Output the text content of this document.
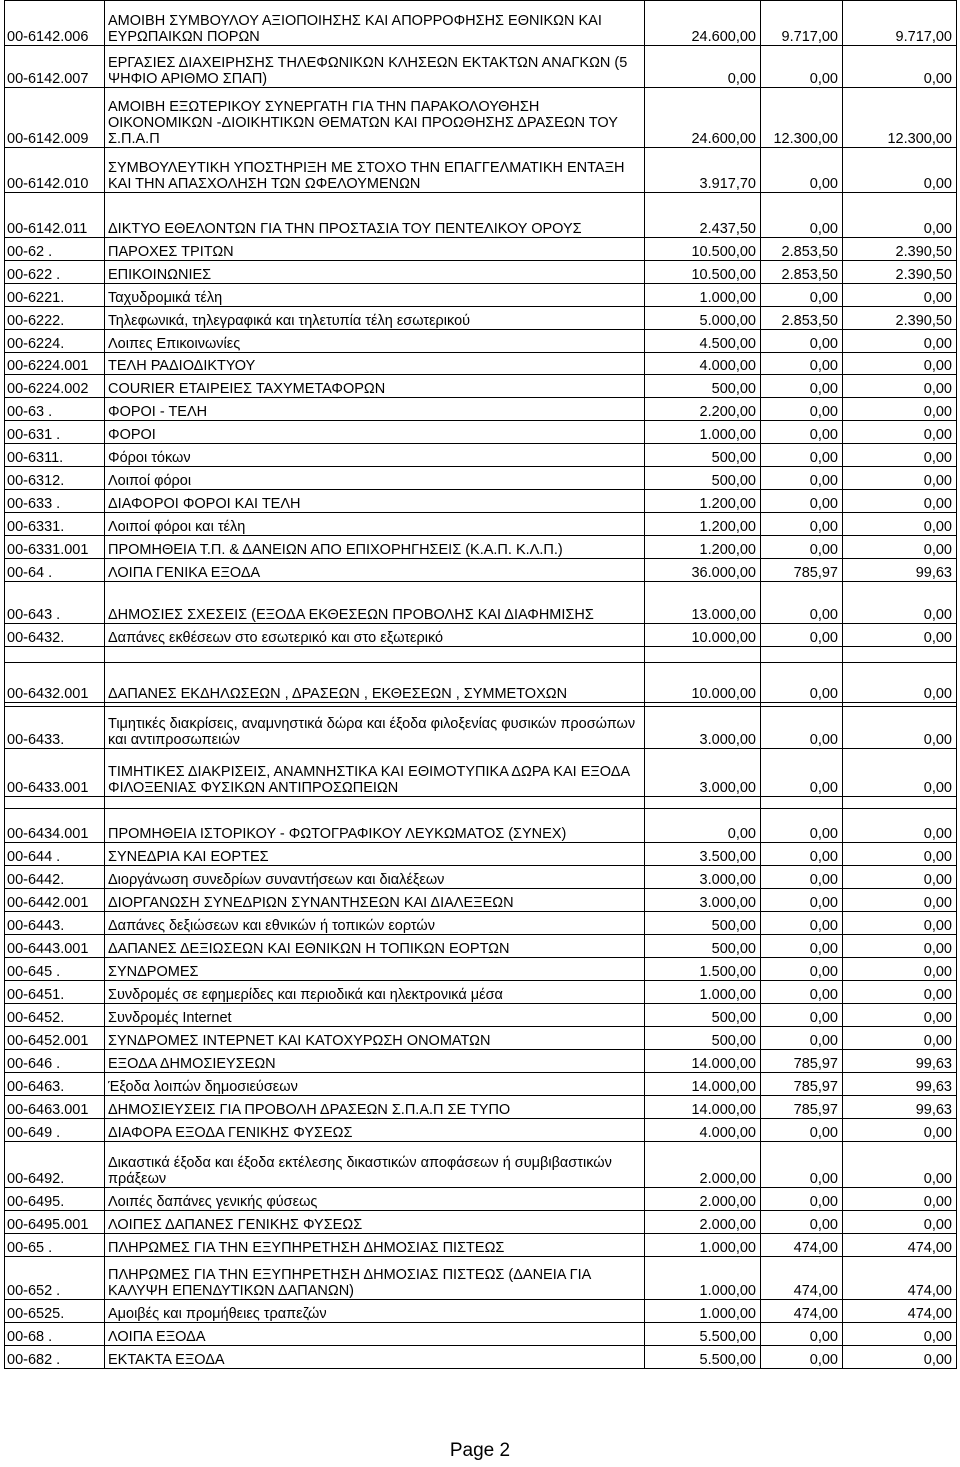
00-6142.006	ΑΜΟΙΒΗ ΣΥΜΒΟΥΛΟΥ ΑΞΙΟΠΟΙΗΣΗΣ ΚΑΙ ΑΠΟΡΡΟΦΗΣΗΣ ΕΘΝΙΚΩΝ ΚΑΙ ΕΥΡΩΠΑΙΚΩΝ ΠΟΡΩΝ	24.600,00	9.717,00	9.717,00
00-6142.007	ΕΡΓΑΣΙΕΣ ΔΙΑΧΕΙΡΗΣΗΣ ΤΗΛΕΦΩΝΙΚΩΝ ΚΛΗΣΕΩΝ ΕΚΤΑΚΤΩΝ ΑΝΑΓΚΩΝ (5 ΨΗΦΙΟ ΑΡΙΘΜΟ ΣΠΑΠ)	0,00	0,00	0,00
00-6142.009	ΑΜΟΙΒΗ ΕΞΩΤΕΡΙΚΟΥ ΣΥΝΕΡΓΑΤΗ ΓΙΑ ΤΗΝ ΠΑΡΑΚΟΛΟΥΘΗΣΗ ΟΙΚΟΝΟΜΙΚΩΝ -ΔΙΟΙΚΗΤΙΚΩΝ ΘΕΜΑΤΩΝ ΚΑΙ ΠΡΟΩΘΗΣΗΣ ΔΡΑΣΕΩΝ ΤΟΥ Σ.Π.Α.Π	24.600,00	12.300,00	12.300,00
00-6142.010	ΣΥΜΒΟΥΛΕΥΤΙΚΗ ΥΠΟΣΤΗΡΙΞΗ ΜΕ ΣΤΟΧΟ ΤΗΝ ΕΠΑΓΓΕΛΜΑΤΙΚΗ ΕΝΤΑΞΗ ΚΑΙ ΤΗΝ ΑΠΑΣΧΟΛΗΣΗ ΤΩΝ ΩΦΕΛΟΥΜΕΝΩΝ	3.917,70	0,00	0,00
00-6142.011	ΔΙΚΤΥΟ ΕΘΕΛΟΝΤΩΝ ΓΙΑ ΤΗΝ ΠΡΟΣΤΑΣΙΑ ΤΟΥ ΠΕΝΤΕΛΙΚΟΥ ΟΡΟΥΣ	2.437,50	0,00	0,00
00-62 .	ΠΑΡΟΧΕΣ ΤΡΙΤΩΝ	10.500,00	2.853,50	2.390,50
00-622 .	ΕΠΙΚΟΙΝΩΝΙΕΣ	10.500,00	2.853,50	2.390,50
00-6221.	Ταχυδρομικά τέλη	1.000,00	0,00	0,00
00-6222.	Τηλεφωνικά, τηλεγραφικά και τηλετυπία τέλη εσωτερικού	5.000,00	2.853,50	2.390,50
00-6224.	Λοιπες Επικοινωνίες	4.500,00	0,00	0,00
00-6224.001	ΤΕΛΗ ΡΑΔΙΟΔΙΚΤΥΟΥ	4.000,00	0,00	0,00
00-6224.002	COURIER ΕΤΑΙΡΕΙΕΣ ΤΑΧΥΜΕΤΑΦΟΡΩΝ	500,00	0,00	0,00
00-63 .	ΦΟΡΟΙ - ΤΕΛΗ	2.200,00	0,00	0,00
00-631 .	ΦΟΡΟΙ	1.000,00	0,00	0,00
00-6311.	Φόροι τόκων	500,00	0,00	0,00
00-6312.	Λοιποί φόροι	500,00	0,00	0,00
00-633 .	ΔΙΑΦΟΡΟΙ ΦΟΡΟΙ ΚΑΙ ΤΕΛΗ	1.200,00	0,00	0,00
00-6331.	Λοιποί φόροι και τέλη	1.200,00	0,00	0,00
00-6331.001	ΠΡΟΜΗΘΕΙΑ Τ.Π. & ΔΑΝΕΙΩΝ ΑΠΟ ΕΠΙΧΟΡΗΓΗΣΕΙΣ (Κ.Α.Π. Κ.Λ.Π.)	1.200,00	0,00	0,00
00-64 .	ΛΟΙΠΑ ΓΕΝΙΚΑ ΕΞΟΔΑ	36.000,00	785,97	99,63
00-643 .	ΔΗΜΟΣΙΕΣ ΣΧΕΣΕΙΣ (ΕΞΟΔΑ ΕΚΘΕΣΕΩΝ ΠΡΟΒΟΛΗΣ ΚΑΙ ΔΙΑΦΗΜΙΣΗΣ	13.000,00	0,00	0,00
00-6432.	Δαπάνες εκθέσεων στο εσωτερικό και στο εξωτερικό	10.000,00	0,00	0,00

00-6432.001	ΔΑΠΑΝΕΣ ΕΚΔΗΛΩΣΕΩΝ , ΔΡΑΣΕΩΝ , ΕΚΘΕΣΕΩΝ , ΣΥΜΜΕΤΟΧΩΝ	10.000,00	0,00	0,00

00-6433.	Τιμητικές διακρίσεις, αναμνηστικά δώρα και έξοδα φιλοξενίας φυσικών προσώπων και αντιπροσωπειών	3.000,00	0,00	0,00
00-6433.001	ΤΙΜΗΤΙΚΕΣ ΔΙΑΚΡΙΣΕΙΣ, ΑΝΑΜΝΗΣΤΙΚΑ ΚΑΙ ΕΘΙΜΟΤΥΠΙΚΑ ΔΩΡΑ ΚΑΙ ΕΞΟΔΑ ΦΙΛΟΞΕΝΙΑΣ ΦΥΣΙΚΩΝ ΑΝΤΙΠΡΟΣΩΠΕΙΩΝ	3.000,00	0,00	0,00

00-6434.001	ΠΡΟΜΗΘΕΙΑ ΙΣΤΟΡΙΚΟΥ - ΦΩΤΟΓΡΑΦΙΚΟΥ ΛΕΥΚΩΜΑΤΟΣ (ΣΥΝΕΧ)	0,00	0,00	0,00
00-644 .	ΣΥΝΕΔΡΙΑ ΚΑΙ ΕΟΡΤΕΣ	3.500,00	0,00	0,00
00-6442.	Διοργάνωση συνεδρίων συναντήσεων και διαλέξεων	3.000,00	0,00	0,00
00-6442.001	ΔΙΟΡΓΑΝΩΣΗ ΣΥΝΕΔΡΙΩΝ ΣΥΝΑΝΤΗΣΕΩΝ ΚΑΙ ΔΙΑΛΕΞΕΩΝ	3.000,00	0,00	0,00
00-6443.	Δαπάνες δεξιώσεων και εθνικών ή τοπικών εορτών	500,00	0,00	0,00
00-6443.001	ΔΑΠΑΝΕΣ ΔΕΞΙΩΣΕΩΝ ΚΑΙ ΕΘΝΙΚΩΝ Η ΤΟΠΙΚΩΝ ΕΟΡΤΩΝ	500,00	0,00	0,00
00-645 .	ΣΥΝΔΡΟΜΕΣ	1.500,00	0,00	0,00
00-6451.	Συνδρομές σε εφημερίδες και περιοδικά και ηλεκτρονικά μέσα	1.000,00	0,00	0,00
00-6452.	Συνδρομές Internet	500,00	0,00	0,00
00-6452.001	ΣΥΝΔΡΟΜΕΣ ΙΝΤΕΡΝΕΤ ΚΑΙ ΚΑΤΟΧΥΡΩΣΗ ΟΝΟΜΑΤΩΝ	500,00	0,00	0,00
00-646 .	ΕΞΟΔΑ ΔΗΜΟΣΙΕΥΣΕΩΝ	14.000,00	785,97	99,63
00-6463.	Έξοδα λοιπών δημοσιεύσεων	14.000,00	785,97	99,63
00-6463.001	ΔΗΜΟΣΙΕΥΣΕΙΣ ΓΙΑ ΠΡΟΒΟΛΗ ΔΡΑΣΕΩΝ Σ.Π.Α.Π ΣΕ ΤΥΠΟ	14.000,00	785,97	99,63
00-649 .	ΔΙΑΦΟΡΑ ΕΞΟΔΑ ΓΕΝΙΚΗΣ ΦΥΣΕΩΣ	4.000,00	0,00	0,00
00-6492.	Δικαστικά έξοδα και έξοδα εκτέλεσης δικαστικών αποφάσεων ή συμβιβαστικών πράξεων	2.000,00	0,00	0,00
00-6495.	Λοιπές δαπάνες γενικής φύσεως	2.000,00	0,00	0,00
00-6495.001	ΛΟΙΠΕΣ ΔΑΠΑΝΕΣ ΓΕΝΙΚΗΣ ΦΥΣΕΩΣ	2.000,00	0,00	0,00
00-65 .	ΠΛΗΡΩΜΕΣ ΓΙΑ ΤΗΝ ΕΞΥΠΗΡΕΤΗΣΗ ΔΗΜΟΣΙΑΣ ΠΙΣΤΕΩΣ	1.000,00	474,00	474,00
00-652 .	ΠΛΗΡΩΜΕΣ ΓΙΑ ΤΗΝ ΕΞΥΠΗΡΕΤΗΣΗ ΔΗΜΟΣΙΑΣ ΠΙΣΤΕΩΣ (ΔΑΝΕΙΑ ΓΙΑ ΚΑΛΥΨΗ ΕΠΕΝΔΥΤΙΚΩΝ ΔΑΠΑΝΩΝ)	1.000,00	474,00	474,00
00-6525.	Αμοιβές και προμήθειες τραπεζών	1.000,00	474,00	474,00
00-68 .	ΛΟΙΠΑ ΕΞΟΔΑ	5.500,00	0,00	0,00
00-682 .	ΕΚΤΑΚΤΑ ΕΞΟΔΑ	5.500,00	0,00	0,00
Page 2
